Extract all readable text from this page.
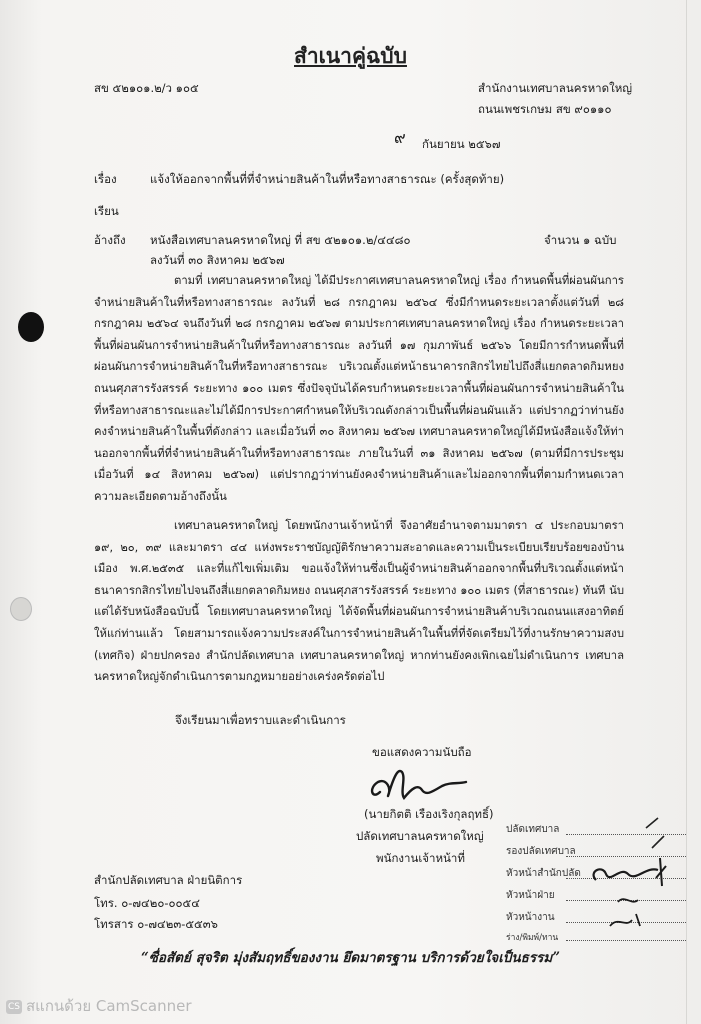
สำเนาคู่ฉบับ
สข ๕๒๑๐๑.๒/ว ๑๐๕	สำนักงานเทศบาลนครหาดใหญ่
ถนนเพชรเกษม สข ๙๐๑๑๐
๙ กันยายน ๒๕๖๗
เรื่อง	แจ้งให้ออกจากพื้นที่ที่จำหน่ายสินค้าในที่หรือทางสาธารณะ (ครั้งสุดท้าย)
เรียน
อ้างถึง หนังสือเทศบาลนครหาดใหญ่ ที่ สข ๕๒๑๐๑.๒/๔๔๘๐
ลงวันที่ ๓๐ สิงหาคม ๒๕๖๗
จำนวน ๑ ฉบับ
ตามที่ เทศบาลนครหาดใหญ่ ได้มีประกาศเทศบาลนครหาดใหญ่ เรื่อง กำหนดพื้นที่ผ่อนผันการจำหน่ายสินค้าในที่หรือทางสาธารณะ ลงวันที่ ๒๘ กรกฎาคม ๒๕๖๔ ซึ่งมีกำหนดระยะเวลาตั้งแต่วันที่ ๒๘ กรกฎาคม ๒๕๖๔ จนถึงวันที่ ๒๘ กรกฎาคม ๒๕๖๗ ตามประกาศเทศบาลนครหาดใหญ่ เรื่อง กำหนดระยะเวลาพื้นที่ผ่อนผันการจำหน่ายสินค้าในที่หรือทางสาธารณะ ลงวันที่ ๑๗ กุมภาพันธ์ ๒๕๖๖ โดยมีการกำหนดพื้นที่ผ่อนผันการจำหน่ายสินค้าในที่หรือทางสาธารณะ บริเวณตั้งแต่หน้าธนาคารกสิกรไทยไปถึงสี่แยกตลาดกิมหยง ถนนศุภสารรังสรรค์ ระยะทาง ๑๐๐ เมตร ซึ่งปัจจุบันได้ครบกำหนดระยะเวลาพื้นที่ผ่อนผันการจำหน่ายสินค้าในที่หรือทางสาธารณะและไม่ได้มีการประกาศกำหนดให้บริเวณดังกล่าวเป็นพื้นที่ผ่อนผันแล้ว แต่ปรากฏว่าท่านยังคงจำหน่ายสินค้าในพื้นที่ดังกล่าว และเมื่อวันที่ ๓๐ สิงหาคม ๒๕๖๗ เทศบาลนครหาดใหญ่ได้มีหนังสือแจ้งให้ท่านออกจากพื้นที่ที่จำหน่ายสินค้าในที่หรือทางสาธารณะ ภายในวันที่ ๓๑ สิงหาคม ๒๕๖๗ (ตามที่มีการประชุมเมื่อวันที่ ๑๔ สิงหาคม ๒๕๖๗) แต่ปรากฏว่าท่านยังคงจำหน่ายสินค้าและไม่ออกจากพื้นที่ตามกำหนดเวลา ความละเอียดตามอ้างถึงนั้น
เทศบาลนครหาดใหญ่ โดยพนักงานเจ้าหน้าที่ จึงอาศัยอำนาจตามมาตรา ๔ ประกอบมาตรา ๑๙, ๒๐, ๓๙ และมาตรา ๔๔ แห่งพระราชบัญญัติรักษาความสะอาดและความเป็นระเบียบเรียบร้อยของบ้านเมือง พ.ศ.๒๕๓๕ และที่แก้ไขเพิ่มเติม ขอแจ้งให้ท่านซึ่งเป็นผู้จำหน่ายสินค้าออกจากพื้นที่บริเวณตั้งแต่หน้าธนาคารกสิกรไทยไปจนถึงสี่แยกตลาดกิมหยง ถนนศุภสารรังสรรค์ ระยะทาง ๑๐๐ เมตร (ที่สาธารณะ) ทันที นับแต่ได้รับหนังสือฉบับนี้ โดยเทศบาลนครหาดใหญ่ ได้จัดพื้นที่ผ่อนผันการจำหน่ายสินค้าบริเวณถนนแสงอาทิตย์ให้แก่ท่านแล้ว โดยสามารถแจ้งความประสงค์ในการจำหน่ายสินค้าในพื้นที่ที่จัดเตรียมไว้ที่งานรักษาความสงบ (เทศกิจ) ฝ่ายปกครอง สำนักปลัดเทศบาล เทศบาลนครหาดใหญ่ หากท่านยังคงเพิกเฉยไม่ดำเนินการ เทศบาลนครหาดใหญ่จักดำเนินการตามกฎหมายอย่างเคร่งครัดต่อไป
จึงเรียนมาเพื่อทราบและดำเนินการ
ขอแสดงความนับถือ
(นายกิตติ เรืองเริงกุลฤทธิ์)
ปลัดเทศบาลนครหาดใหญ่
พนักงานเจ้าหน้าที่
สำนักปลัดเทศบาล ฝ่ายนิติการ
โทร. ๐-๗๔๒๐-๐๐๕๔
โทรสาร ๐-๗๔๒๓-๕๕๓๖
ปลัดเทศบาล
รองปลัดเทศบาล
หัวหน้าสำนักปลัด
หัวหน้าฝ่าย
หัวหน้างาน
ร่าง/พิมพ์/ทาน
“ซื่อสัตย์ สุจริต มุ่งสัมฤทธิ์ของงาน ยึดมาตรฐาน บริการด้วยใจเป็นธรรม”
CS สแกนด้วย CamScanner
